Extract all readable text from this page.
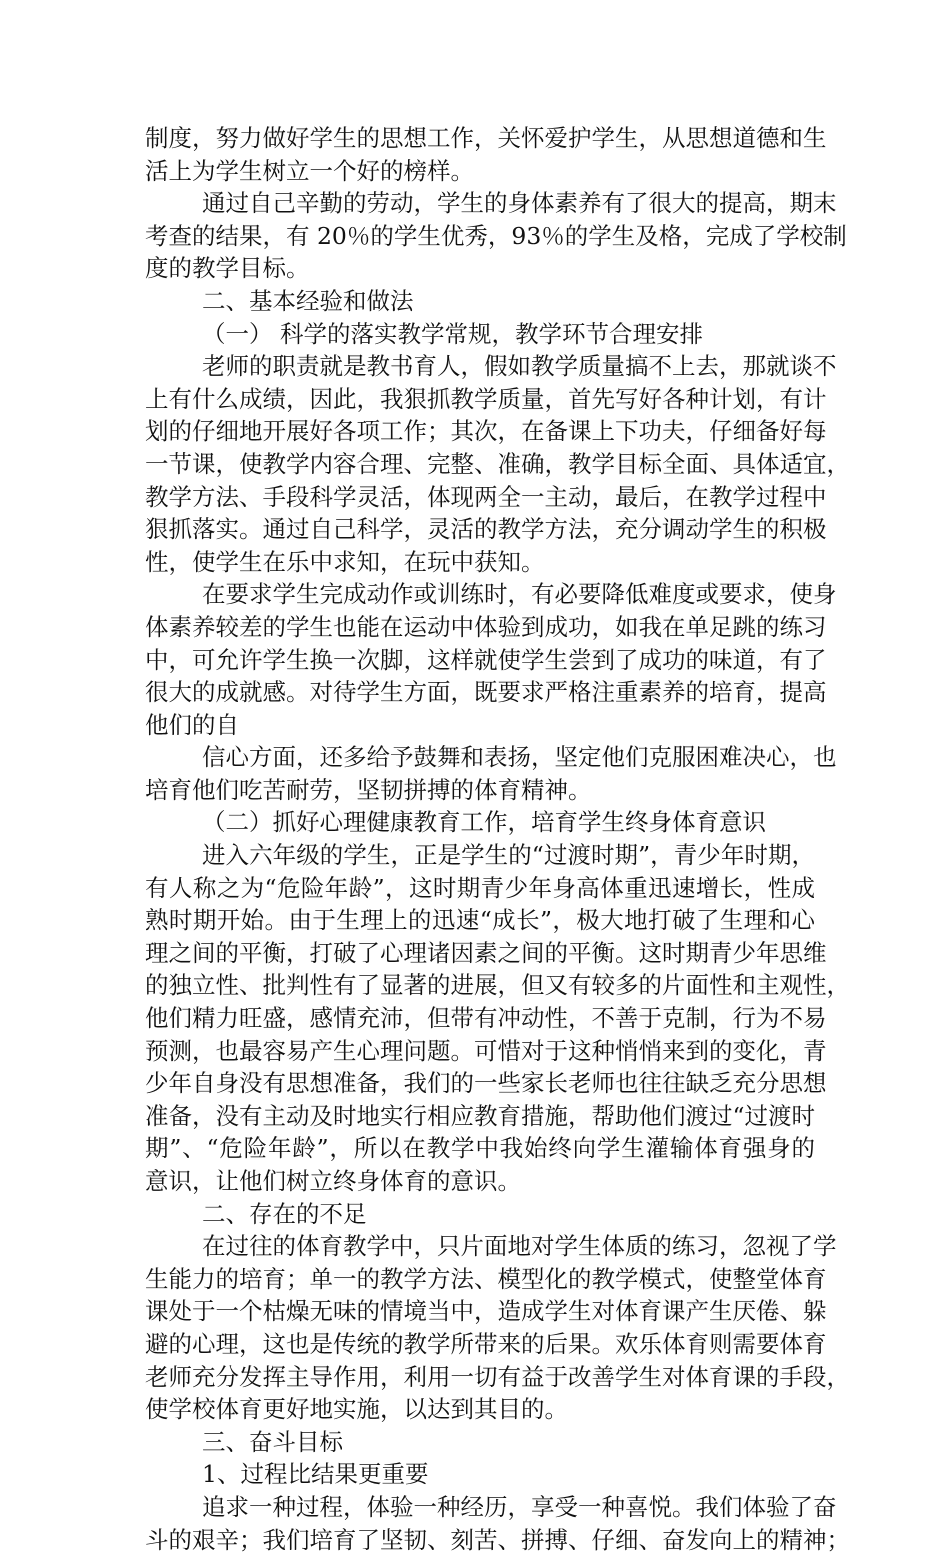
制度，努力做好学生的思想工作，关怀爱护学生，从思想道德和生
活上为学生树立一个好的榜样。
通过自己辛勤的劳动，学生的身体素养有了很大的提高，期末
考查的结果，有 20％的学生优秀，93％的学生及格，完成了学校制
度的教学目标。
二、基本经验和做法
（一） 科学的落实教学常规，教学环节合理安排
老师的职责就是教书育人，假如教学质量搞不上去，那就谈不
上有什么成绩，因此，我狠抓教学质量，首先写好各种计划，有计
划的仔细地开展好各项工作；其次，在备课上下功夫，仔细备好每
一节课，使教学内容合理、完整、准确，教学目标全面、具体适宜，
教学方法、手段科学灵活，体现两全一主动，最后，在教学过程中
狠抓落实。通过自己科学，灵活的教学方法，充分调动学生的积极
性，使学生在乐中求知，在玩中获知。
在要求学生完成动作或训练时，有必要降低难度或要求，使身
体素养较差的学生也能在运动中体验到成功，如我在单足跳的练习
中，可允许学生换一次脚，这样就使学生尝到了成功的味道，有了
很大的成就感。对待学生方面，既要求严格注重素养的培育，提高
他们的自
信心方面，还多给予鼓舞和表扬，坚定他们克服困难决心，也
培育他们吃苦耐劳，坚韧拼搏的体育精神。
（二）抓好心理健康教育工作，培育学生终身体育意识
进入六年级的学生，正是学生的“过渡时期”，青少年时期，
有人称之为“危险年龄”，这时期青少年身高体重迅速增长，性成
熟时期开始。由于生理上的迅速“成长”，极大地打破了生理和心
理之间的平衡，打破了心理诸因素之间的平衡。这时期青少年思维
的独立性、批判性有了显著的进展，但又有较多的片面性和主观性，
他们精力旺盛，感情充沛，但带有冲动性，不善于克制，行为不易
预测，也最容易产生心理问题。可惜对于这种悄悄来到的变化，青
少年自身没有思想准备，我们的一些家长老师也往往缺乏充分思想
准备，没有主动及时地实行相应教育措施，帮助他们渡过“过渡时
期”、“危险年龄”，所以在教学中我始终向学生灌输体育强身的
意识，让他们树立终身体育的意识。
二、存在的不足
在过往的体育教学中，只片面地对学生体质的练习，忽视了学
生能力的培育；单一的教学方法、模型化的教学模式，使整堂体育
课处于一个枯燥无味的情境当中，造成学生对体育课产生厌倦、躲
避的心理，这也是传统的教学所带来的后果。欢乐体育则需要体育
老师充分发挥主导作用，利用一切有益于改善学生对体育课的手段，
使学校体育更好地实施，以达到其目的。
三、奋斗目标
1、过程比结果更重要
追求一种过程，体验一种经历，享受一种喜悦。我们体验了奋
斗的艰辛；我们培育了坚韧、刻苦、拼搏、仔细、奋发向上的精神；
